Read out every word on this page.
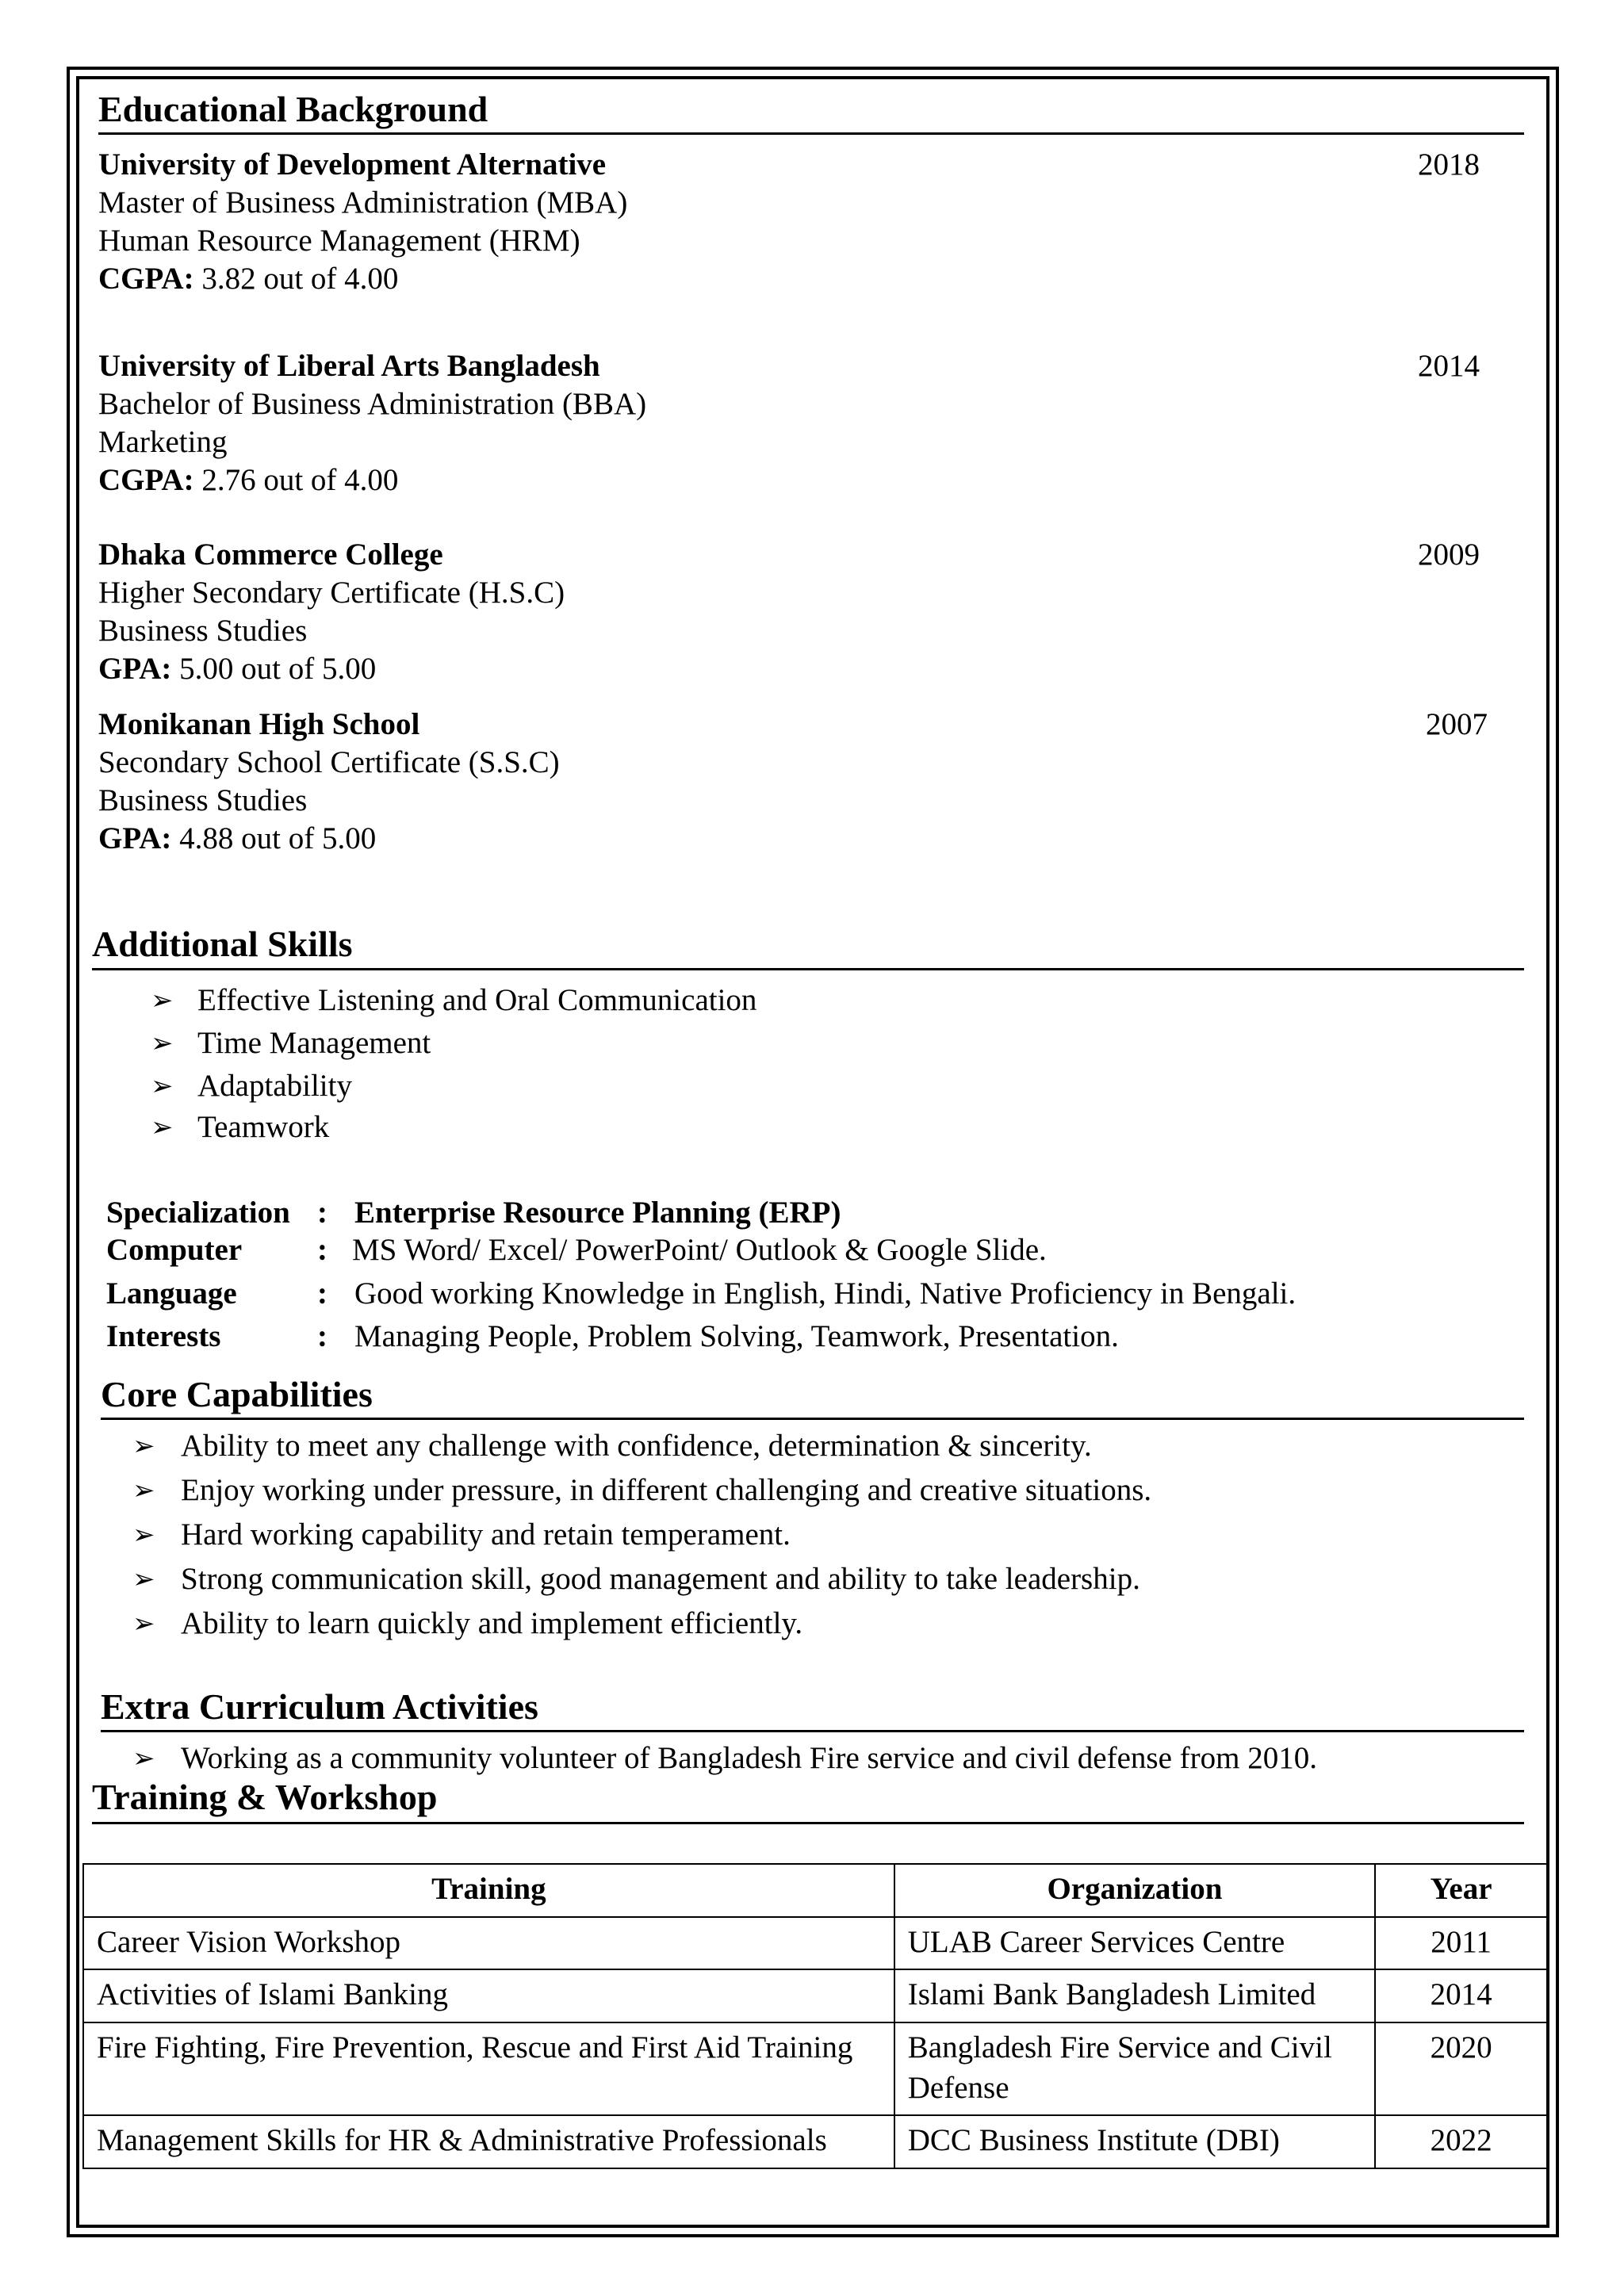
Educational Background
University of Development Alternative	2018
Master of Business Administration (MBA)
Human Resource Management (HRM)
CGPA: 3.82 out of 4.00
University of Liberal Arts Bangladesh	2014
Bachelor of Business Administration (BBA)
Marketing
CGPA: 2.76 out of 4.00
Dhaka Commerce College	2009
Higher Secondary Certificate (H.S.C)
Business Studies
GPA: 5.00 out of 5.00
Monikanan High School	2007
Secondary School Certificate (S.S.C)
Business Studies
GPA: 4.88 out of 5.00
Additional Skills
➢ Effective Listening and Oral Communication
➢ Time Management
➢ Adaptability
➢ Teamwork
Specialization : Enterprise Resource Planning (ERP)
Computer : MS Word/ Excel/ PowerPoint/ Outlook & Google Slide.
Language	: Good working Knowledge in English, Hindi, Native Proficiency in Bengali.
Interests	: Managing People, Problem Solving, Teamwork, Presentation.
Core Capabilities
➢ Ability to meet any challenge with confidence, determination & sincerity.
➢ Enjoy working under pressure, in different challenging and creative situations.
➢ Hard working capability and retain temperament.
➢ Strong communication skill, good management and ability to take leadership.
➢ Ability to learn quickly and implement efficiently.
Extra Curriculum Activities
➢ Working as a community volunteer of Bangladesh Fire service and civil defense from 2010.
Training & Workshop
Training	Organization	Year
Career Vision Workshop	ULAB Career Services Centre	2011
Activities of Islami Banking	Islami Bank Bangladesh Limited	2014
Fire Fighting, Fire Prevention, Rescue and First Aid Training	Bangladesh Fire Service and Civil Defense	2020
Management Skills for HR & Administrative Professionals	DCC Business Institute (DBI)	2022
